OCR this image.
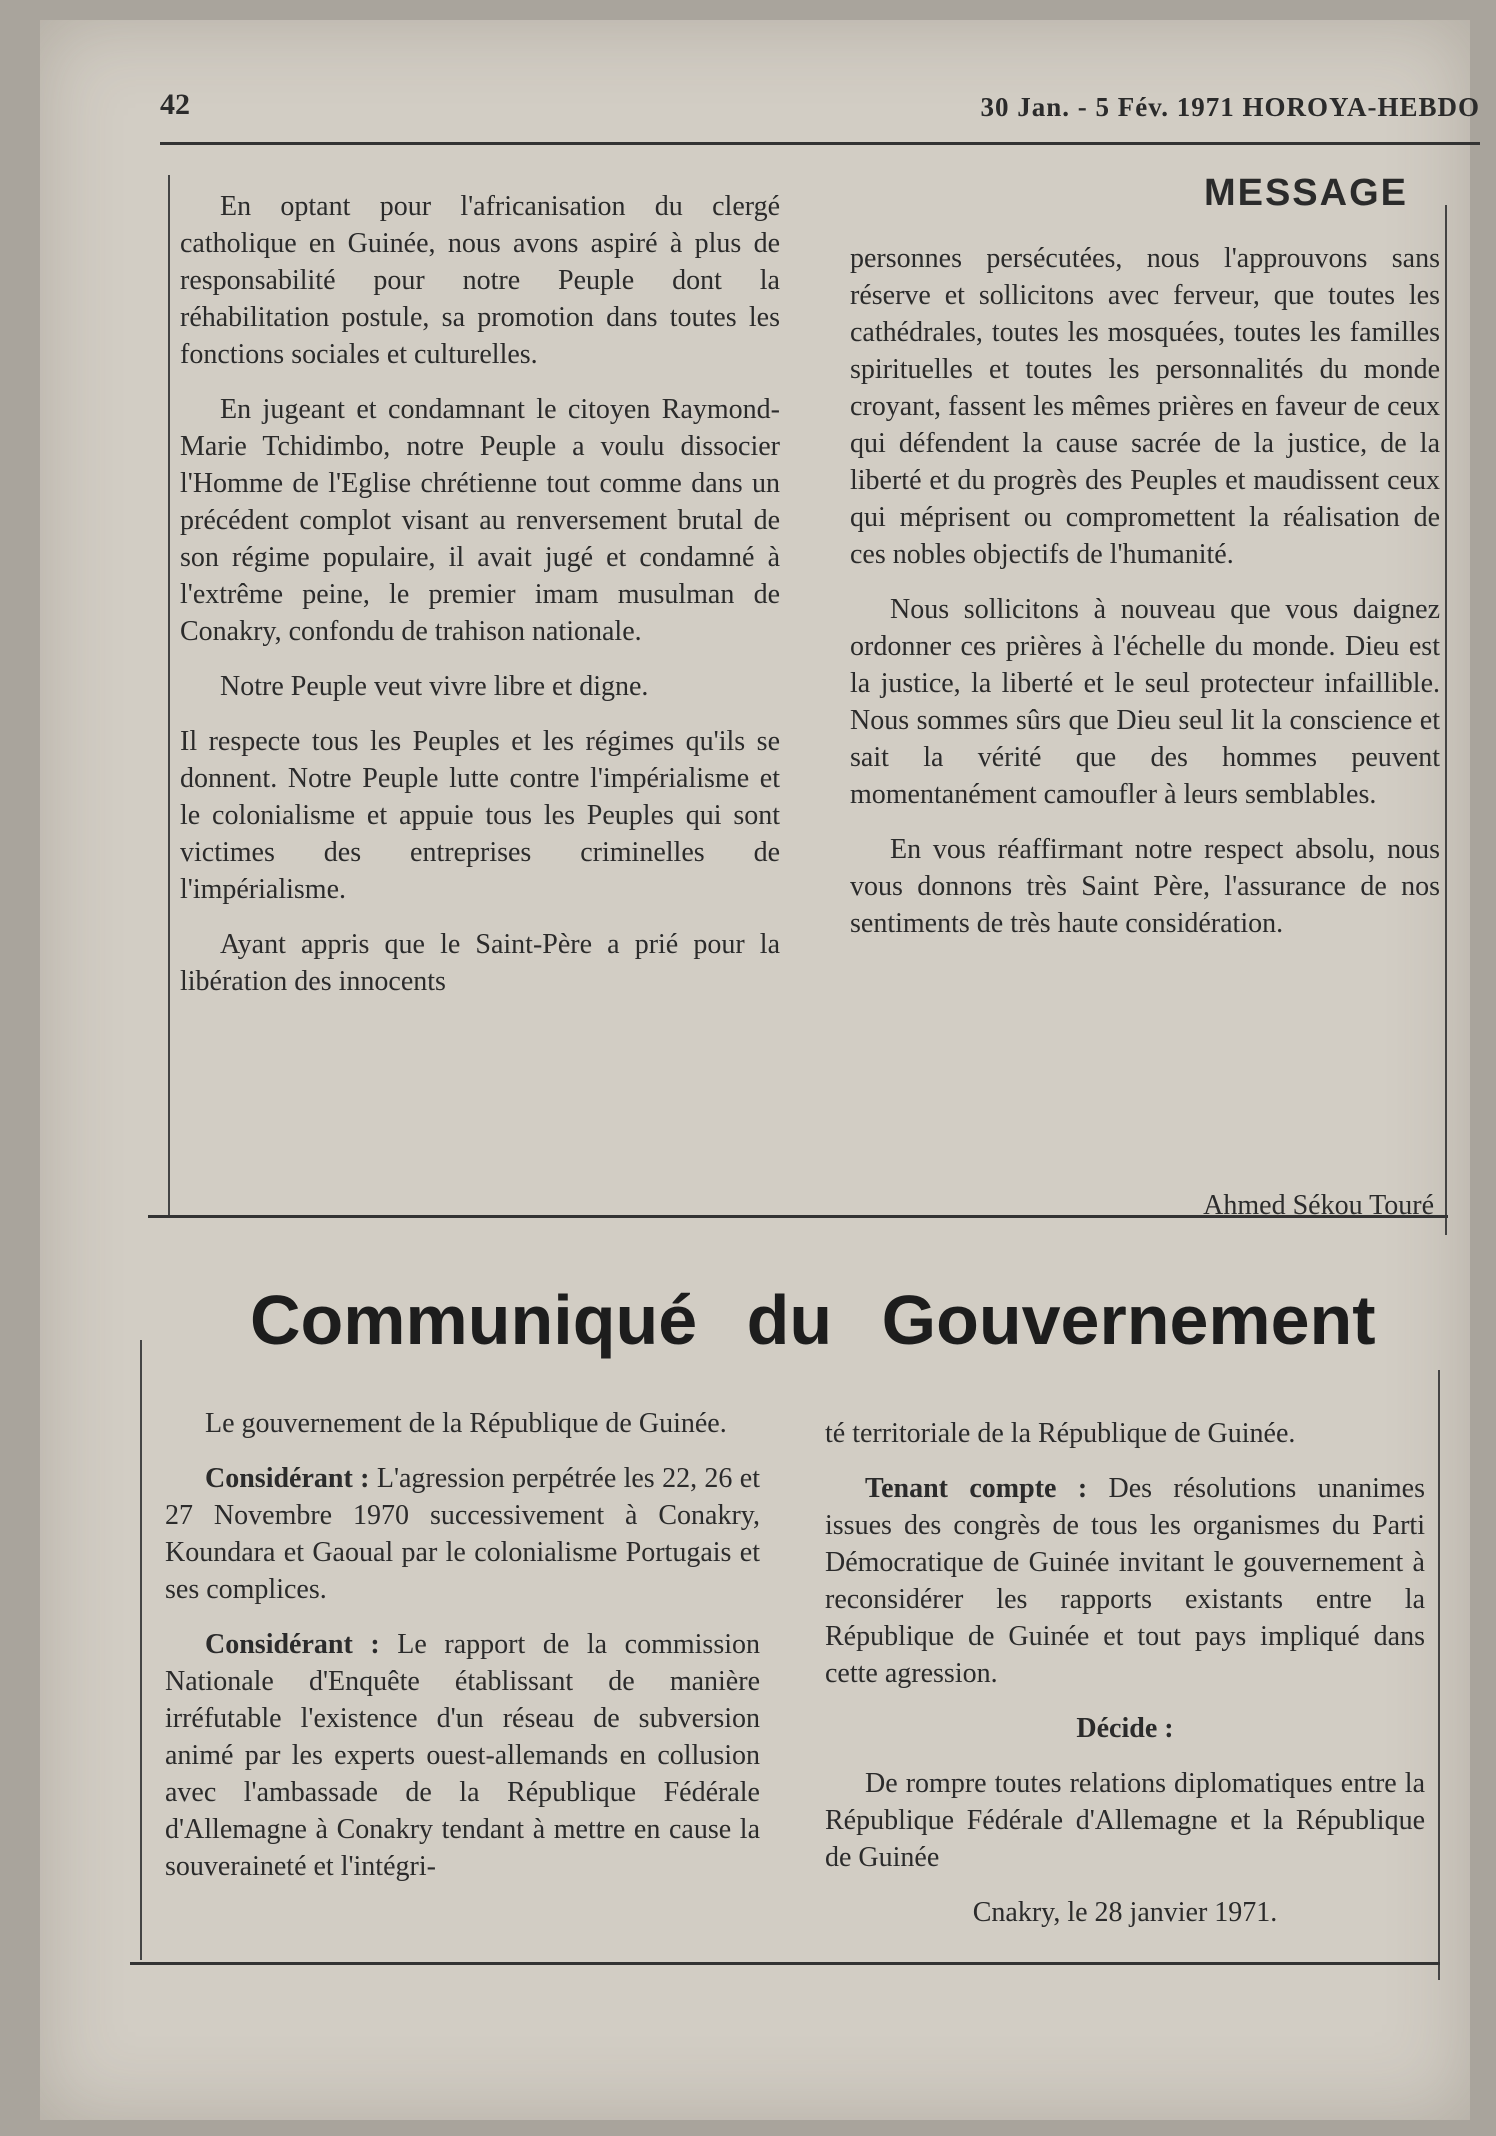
42	30 Jan. - 5 Fév. 1971 HOROYA-HEBDO
MESSAGE

En optant pour l'africanisation du clergé catholique en Guinée, nous avons aspiré à plus de responsabilité pour notre Peuple dont la réhabilitation postule, sa promotion dans toutes les fonctions sociales et culturelles.

En jugeant et condamnant le citoyen Raymond-Marie Tchidimbo, notre Peuple a voulu dissocier l'Homme de l'Eglise chrétienne tout comme dans un précédent complot visant au renversement brutal de son régime populaire, il avait jugé et condamné à l'extrême peine, le premier imam musulman de Conakry, confondu de trahison nationale.

Notre Peuple veut vivre libre et digne.

Il respecte tous les Peuples et les régimes qu'ils se donnent. Notre Peuple lutte contre l'impérialisme et le colonialisme et appuie tous les Peuples qui sont victimes des entreprises criminelles de l'impérialisme.

Ayant appris que le Saint-Père a prié pour la libération des innocents

personnes persécutées, nous l'approuvons sans réserve et sollicitons avec ferveur, que toutes les cathédrales, toutes les mosquées, toutes les familles spirituelles et toutes les personnalités du monde croyant, fassent les mêmes prières en faveur de ceux qui défendent la cause sacrée de la justice, de la liberté et du progrès des Peuples et maudissent ceux qui méprisent ou compromettent la réalisation de ces nobles objectifs de l'humanité.

Nous sollicitons à nouveau que vous daignez ordonner ces prières à l'échelle du monde. Dieu est la justice, la liberté et le seul protecteur infaillible. Nous sommes sûrs que Dieu seul lit la conscience et sait la vérité que des hommes peuvent momentanément camoufler à leurs semblables.

En vous réaffirmant notre respect absolu, nous vous donnons très Saint Père, l'assurance de nos sentiments de très haute considération.

Ahmed Sékou Touré
Communiqué du Gouvernement

Le gouvernement de la République de Guinée.

Considérant : L'agression perpétrée les 22, 26 et 27 Novembre 1970 successivement à Conakry, Koundara et Gaoual par le colonialisme Portugais et ses complices.

Considérant : Le rapport de la commission Nationale d'Enquête établissant de manière irréfutable l'existence d'un réseau de subversion animé par les experts ouest-allemands en collusion avec l'ambassade de la République Fédérale d'Allemagne à Conakry tendant à mettre en cause la souveraineté et l'intégri-

té territoriale de la République de Guinée.

Tenant compte : Des résolutions unanimes issues des congrès de tous les organismes du Parti Démocratique de Guinée invitant le gouvernement à reconsidérer les rapports existants entre la République de Guinée et tout pays impliqué dans cette agression.

Décide :

De rompre toutes relations diplomatiques entre la République Fédérale d'Allemagne et la République de Guinée

Cnakry, le 28 janvier 1971.
